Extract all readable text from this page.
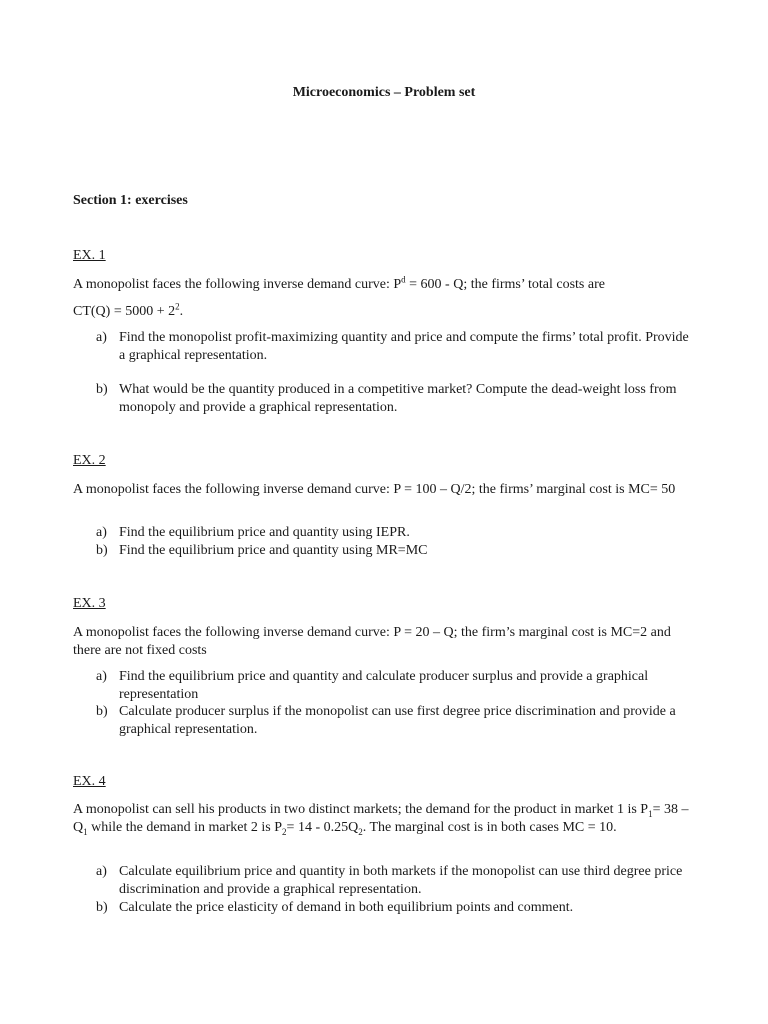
Microeconomics – Problem set
Section 1: exercises
EX. 1
A monopolist faces the following inverse demand curve: $P^d = 600 - Q$; the firms’ total costs are
$CT(Q) = 5000 + 2^2$.
a) Find the monopolist profit-maximizing quantity and price and compute the firms’ total profit. Provide a graphical representation.
b) What would be the quantity produced in a competitive market? Compute the dead-weight loss from monopoly and provide a graphical representation.
EX. 2
A monopolist faces the following inverse demand curve: P = 100 – Q/2; the firms’ marginal cost is MC= 50
a) Find the equilibrium price and quantity using IEPR.
b) Find the equilibrium price and quantity using MR=MC
EX. 3
A monopolist faces the following inverse demand curve: P = 20 – Q; the firm’s marginal cost is MC=2 and there are not fixed costs
a) Find the equilibrium price and quantity and calculate producer surplus and provide a graphical representation
b) Calculate producer surplus if the monopolist can use first degree price discrimination and provide a graphical representation.
EX. 4
A monopolist can sell his products in two distinct markets; the demand for the product in market 1 is $P_1= 38 - Q_1$ while the demand in market 2 is $P_2= 14 - 0.25Q_2$. The marginal cost is in both cases MC = 10.
a) Calculate equilibrium price and quantity in both markets if the monopolist can use third degree price discrimination and provide a graphical representation.
b) Calculate the price elasticity of demand in both equilibrium points and comment.
